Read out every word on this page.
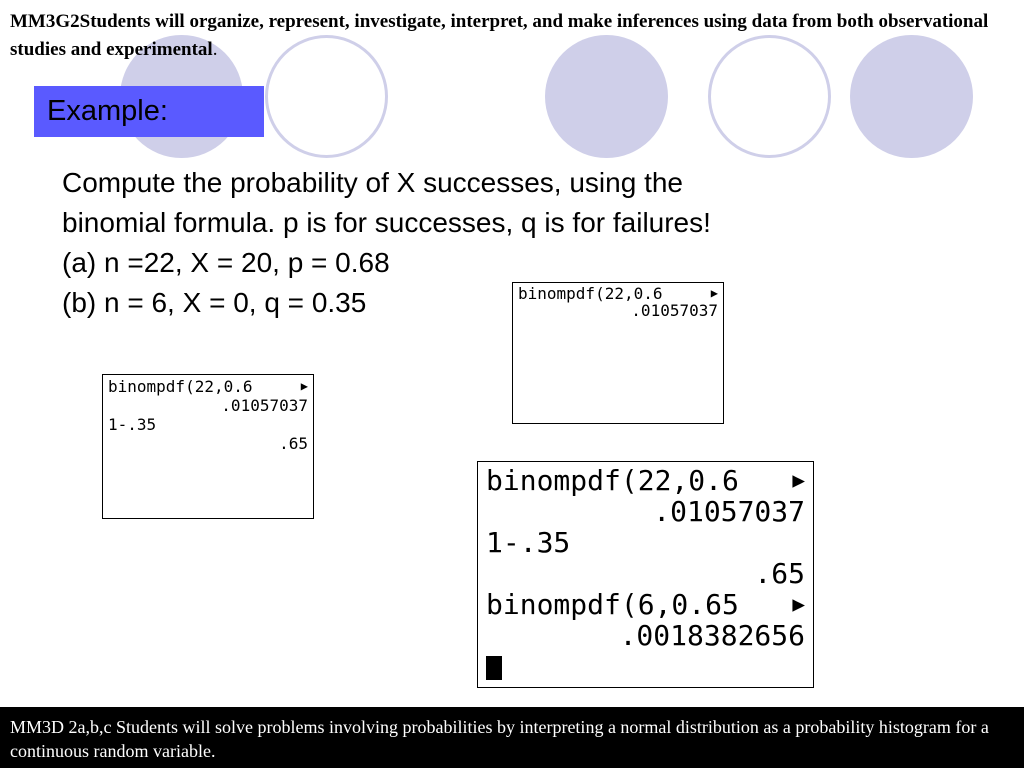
MM3G2Students will organize, represent, investigate, interpret, and make inferences using data from both observational studies and experimental.
Example:
Compute the probability of X successes, using the
binomial formula. p is for successes, q is for failures!
(a) n =22, X = 20, p = 0.68
(b) n = 6, X = 0, q = 0.35	binompdf(22,0.6	▶
.01057037
binompdf(22,0.6	▶
.01057037
1-.35
.65
binompdf(22,0.6	▶
.01057037
1-.35
.65
binompdf(6,0.65	▶
.0018382656
MM3D 2a,b,c Students will solve problems involving probabilities by interpreting a normal distribution as a probability histogram for a continuous random variable.
